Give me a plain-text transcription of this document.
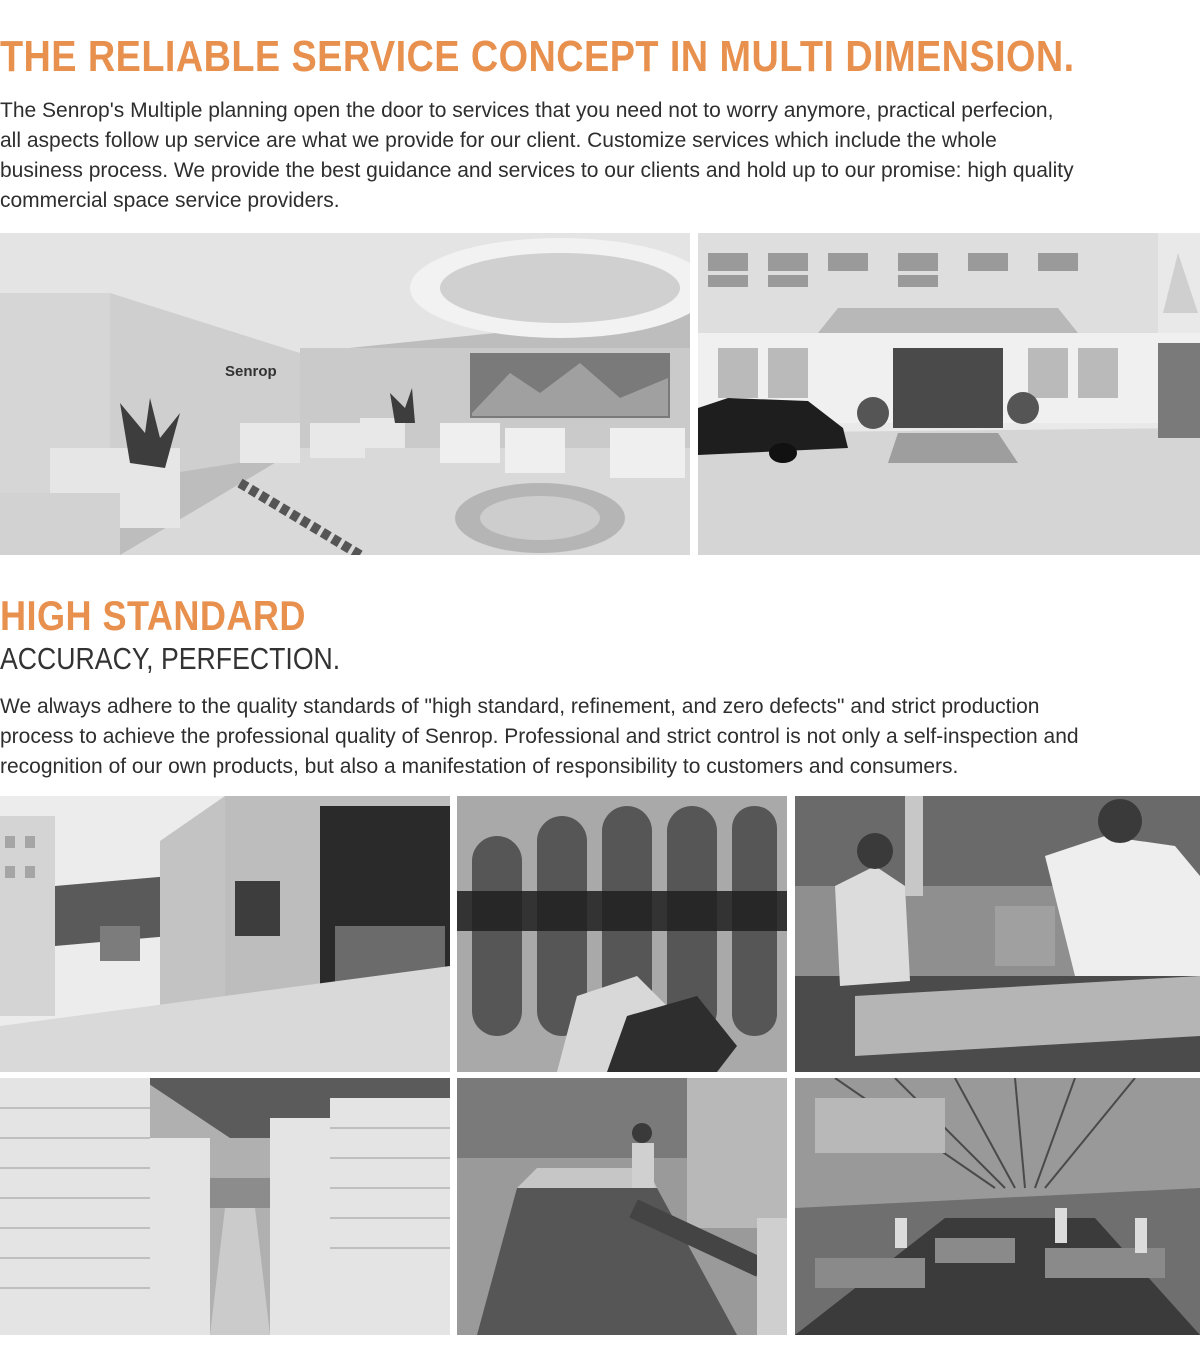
THE RELIABLE SERVICE CONCEPT IN MULTI DIMENSION.

The Senrop's Multiple planning open the door to services that you need not to worry anymore, practical perfecion,
all aspects follow up service are what we provide for our client. Customize services which include the whole
business process. We provide the best guidance and services to our clients and hold up to our promise: high quality
commercial space service providers.

Senrop
HIGH STANDARD
ACCURACY, PERFECTION.

We always adhere to the quality standards of "high standard, refinement, and zero defects" and strict production
process to achieve the professional quality of Senrop. Professional and strict control is not only a self-inspection and
recognition of our own products, but also a manifestation of responsibility to customers and consumers.
